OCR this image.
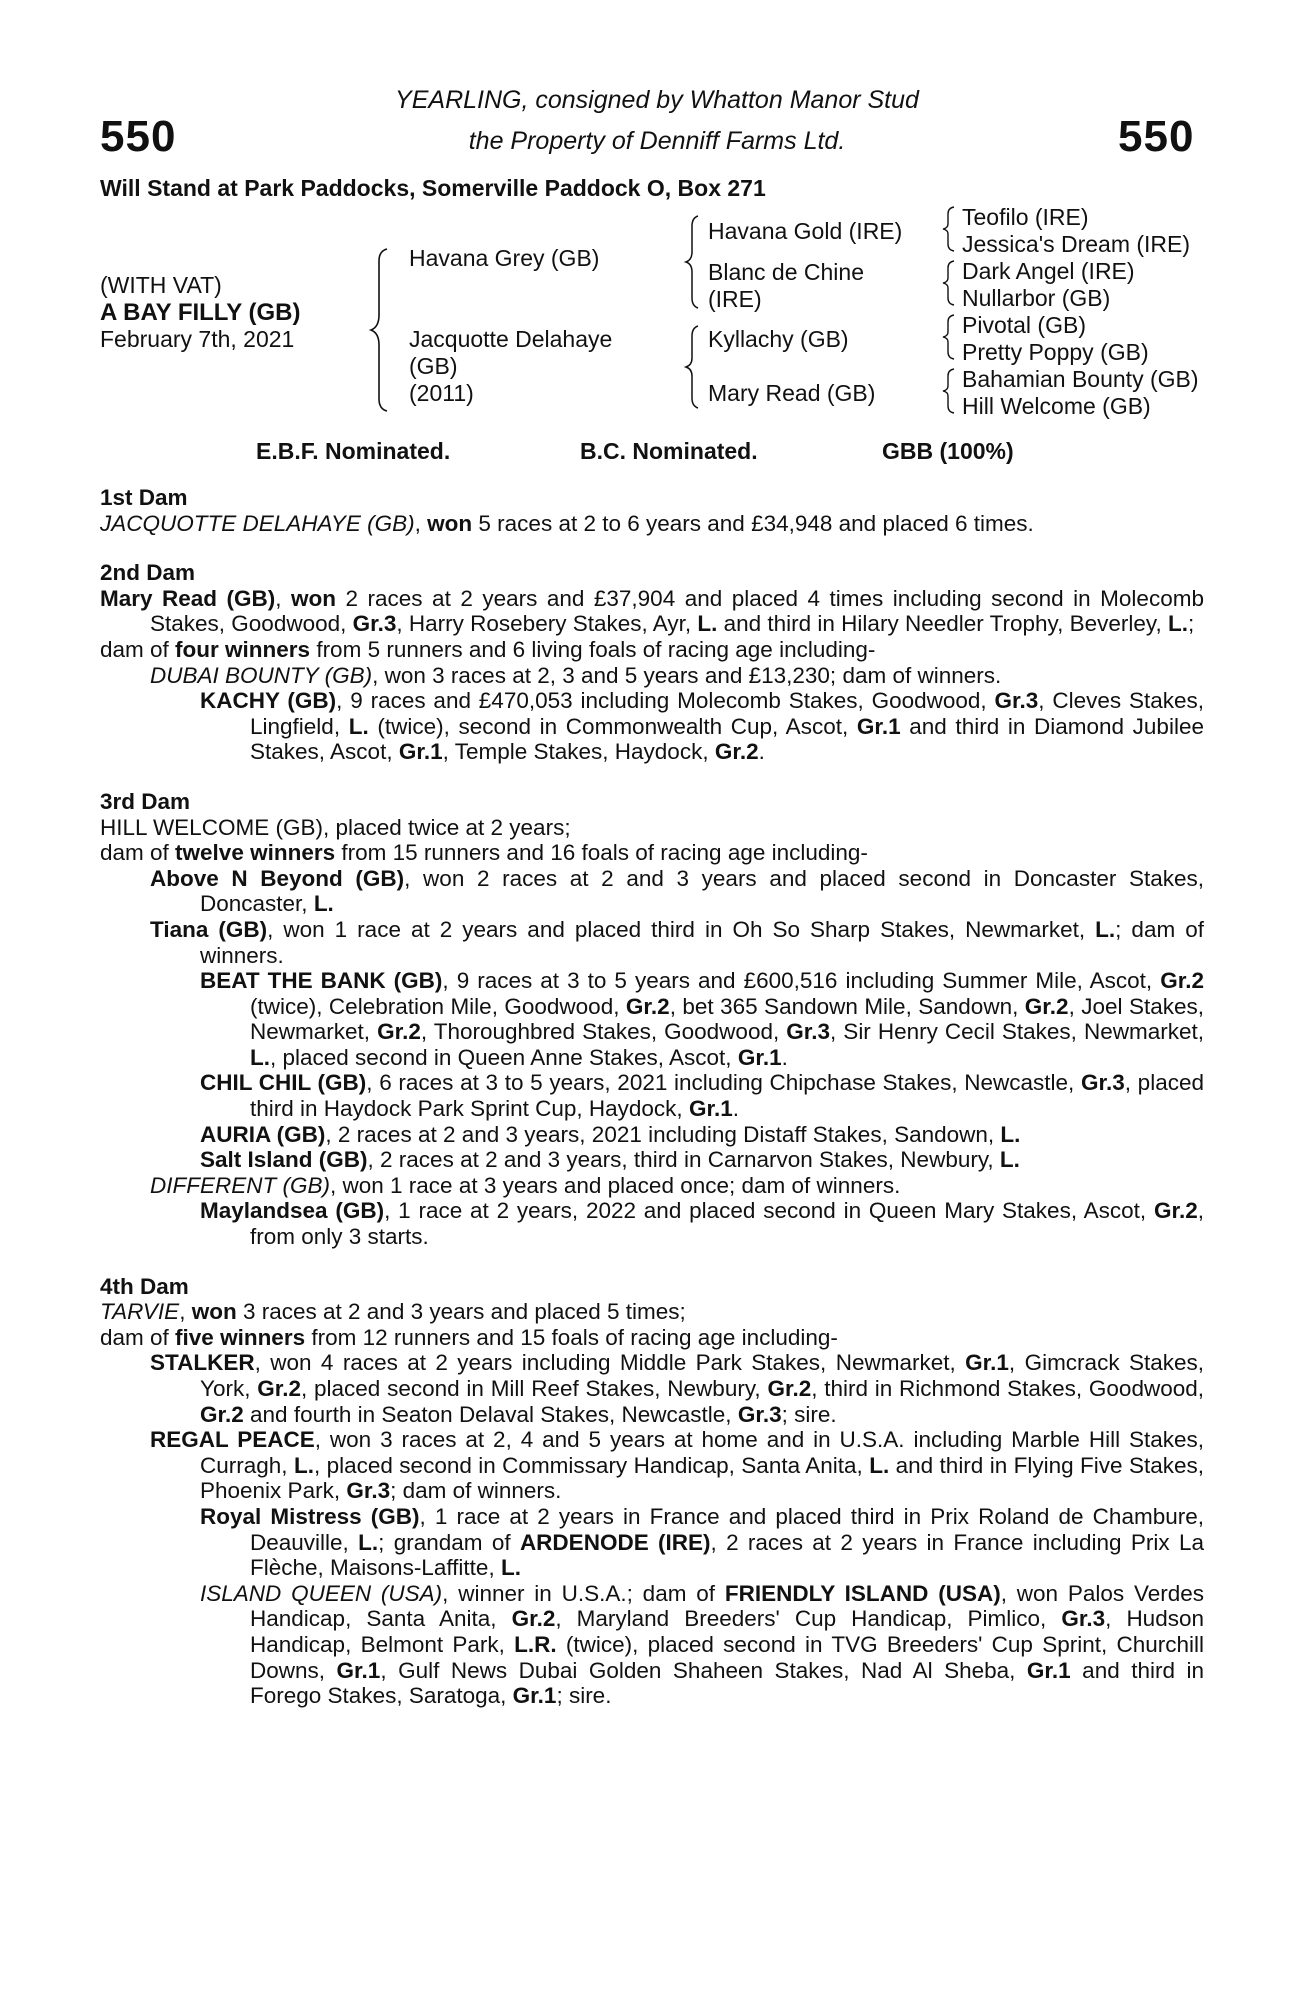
550	550
YEARLING, consigned by Whatton Manor Stud
the Property of Denniff Farms Ltd.
Will Stand at Park Paddocks, Somerville Paddock O, Box 271
(WITH VAT)
A BAY FILLY (GB)
February 7th, 2021
Havana Grey (GB)
Jacquotte Delahaye
(GB)
(2011)
Havana Gold (IRE)
Blanc de Chine
(IRE)
Kyllachy (GB)
Mary Read (GB)
Teofilo (IRE)
Jessica's Dream (IRE)
Dark Angel (IRE)
Nullarbor (GB)
Pivotal (GB)
Pretty Poppy (GB)
Bahamian Bounty (GB)
Hill Welcome (GB)
E.B.F. Nominated.	B.C. Nominated.	GBB (100%)
1st Dam
JACQUOTTE DELAHAYE (GB), won 5 races at 2 to 6 years and £34,948 and placed 6 times.
2nd Dam
Mary Read (GB), won 2 races at 2 years and £37,904 and placed 4 times including second in Molecomb Stakes, Goodwood, Gr.3, Harry Rosebery Stakes, Ayr, L. and third in Hilary Needler Trophy, Beverley, L.;
dam of four winners from 5 runners and 6 living foals of racing age including-
DUBAI BOUNTY (GB), won 3 races at 2, 3 and 5 years and £13,230; dam of winners.
KACHY (GB), 9 races and £470,053 including Molecomb Stakes, Goodwood, Gr.3, Cleves Stakes, Lingfield, L. (twice), second in Commonwealth Cup, Ascot, Gr.1 and third in Diamond Jubilee Stakes, Ascot, Gr.1, Temple Stakes, Haydock, Gr.2.
3rd Dam
HILL WELCOME (GB), placed twice at 2 years;
dam of twelve winners from 15 runners and 16 foals of racing age including-
Above N Beyond (GB), won 2 races at 2 and 3 years and placed second in Doncaster Stakes, Doncaster, L.
Tiana (GB), won 1 race at 2 years and placed third in Oh So Sharp Stakes, Newmarket, L.; dam of winners.
BEAT THE BANK (GB), 9 races at 3 to 5 years and £600,516 including Summer Mile, Ascot, Gr.2 (twice), Celebration Mile, Goodwood, Gr.2, bet 365 Sandown Mile, Sandown, Gr.2, Joel Stakes, Newmarket, Gr.2, Thoroughbred Stakes, Goodwood, Gr.3, Sir Henry Cecil Stakes, Newmarket, L., placed second in Queen Anne Stakes, Ascot, Gr.1.
CHIL CHIL (GB), 6 races at 3 to 5 years, 2021 including Chipchase Stakes, Newcastle, Gr.3, placed third in Haydock Park Sprint Cup, Haydock, Gr.1.
AURIA (GB), 2 races at 2 and 3 years, 2021 including Distaff Stakes, Sandown, L.
Salt Island (GB), 2 races at 2 and 3 years, third in Carnarvon Stakes, Newbury, L.
DIFFERENT (GB), won 1 race at 3 years and placed once; dam of winners.
Maylandsea (GB), 1 race at 2 years, 2022 and placed second in Queen Mary Stakes, Ascot, Gr.2, from only 3 starts.
4th Dam
TARVIE, won 3 races at 2 and 3 years and placed 5 times;
dam of five winners from 12 runners and 15 foals of racing age including-
STALKER, won 4 races at 2 years including Middle Park Stakes, Newmarket, Gr.1, Gimcrack Stakes, York, Gr.2, placed second in Mill Reef Stakes, Newbury, Gr.2, third in Richmond Stakes, Goodwood, Gr.2 and fourth in Seaton Delaval Stakes, Newcastle, Gr.3; sire.
REGAL PEACE, won 3 races at 2, 4 and 5 years at home and in U.S.A. including Marble Hill Stakes, Curragh, L., placed second in Commissary Handicap, Santa Anita, L. and third in Flying Five Stakes, Phoenix Park, Gr.3; dam of winners.
Royal Mistress (GB), 1 race at 2 years in France and placed third in Prix Roland de Chambure, Deauville, L.; grandam of ARDENODE (IRE), 2 races at 2 years in France including Prix La Flèche, Maisons-Laffitte, L.
ISLAND QUEEN (USA), winner in U.S.A.; dam of FRIENDLY ISLAND (USA), won Palos Verdes Handicap, Santa Anita, Gr.2, Maryland Breeders' Cup Handicap, Pimlico, Gr.3, Hudson Handicap, Belmont Park, L.R. (twice), placed second in TVG Breeders' Cup Sprint, Churchill Downs, Gr.1, Gulf News Dubai Golden Shaheen Stakes, Nad Al Sheba, Gr.1 and third in Forego Stakes, Saratoga, Gr.1; sire.
